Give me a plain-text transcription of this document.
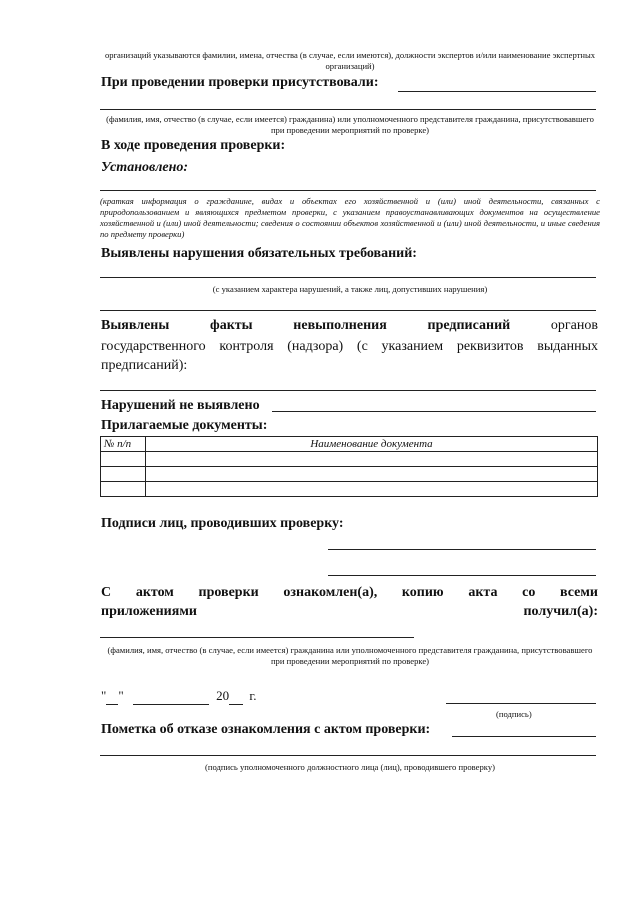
организаций указываются фамилии, имена, отчества (в случае, если имеются), должности экспертов и/или наименование экспертных организаций)
При проведении проверки присутствовали:
(фамилия, имя, отчество (в случае, если имеется) гражданина) или уполномоченного представителя гражданина, присутствовавшего при проведении мероприятий по проверке)
В ходе проведения проверки:
Установлено:
(краткая информация о гражданине, видах и объектах его хозяйственной и (или) иной деятельности, связанных с природопользованием и являющихся предметом проверки, с указанием правоустанавливающих документов на осуществление хозяйственной и (или) иной деятельности; сведения о состоянии объектов хозяйственной и (или) иной деятельности, и иные сведения по предмету проверки)
Выявлены нарушения обязательных требований:
(с указанием характера нарушений, а также лиц, допустивших нарушения)
Выявлены	факты	невыполнения	предписаний	органов
государственного контроля (надзора) (с указанием реквизитов выданных
предписаний):
Нарушений не выявлено
Прилагаемые документы:
№ п/п	Наименование документа

Подписи лиц, проводивших проверку:
С актом проверки ознакомлен(а), копию акта со всеми
приложениями	получил(а):
(фамилия, имя, отчество (в случае, если имеется) гражданина или уполномоченного представителя гражданина, присутствовавшего при проведении мероприятий по проверке)
" "	20 г.
(подпись)
Пометка об отказе ознакомления с актом проверки:
(подпись уполномоченного должностного лица (лиц), проводившего проверку)
